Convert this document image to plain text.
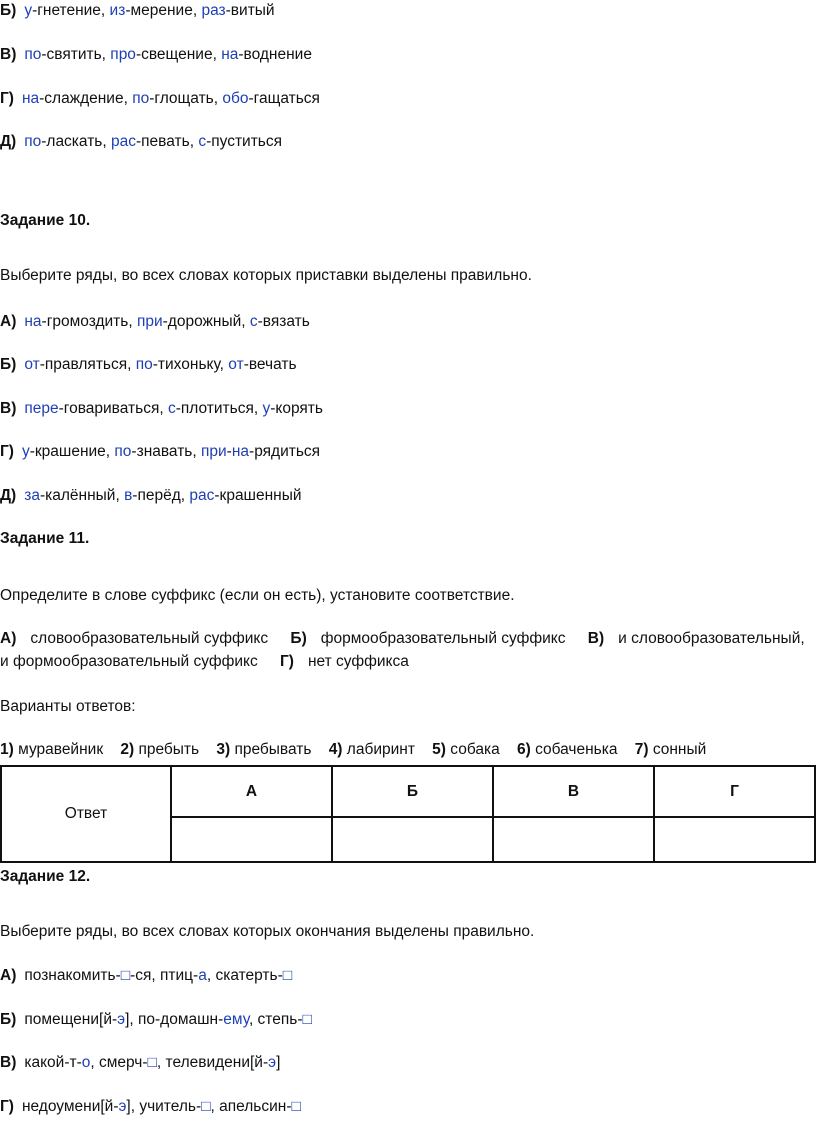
Б) у-гнетение, из-мерение, раз-витый
В) по-святить, про-свещение, на-воднение
Г) на-слаждение, по-глощать, обо-гащаться
Д) по-ласкать, рас-певать, с-пуститься
Задание 10.
Выберите ряды, во всех словах которых приставки выделены правильно.
А) на-громоздить, при-дорожный, с-вязать
Б) от-правляться, по-тихоньку, от-вечать
В) пере-говариваться, с-плотиться, у-корять
Г) у-крашение, по-знавать, при-на-рядиться
Д) за-калённый, в-перёд, рас-крашенный
Задание 11.
Определите в слове суффикс (если он есть), установите соответствие.
А) словообразовательный суффикс Б) формообразовательный суффикс В) и словообразовательный,
и формообразовательный суффикс Г) нет суффикса
Варианты ответов:
1) муравейник 2) пребыть 3) пребывать 4) лабиринт 5) собака 6) собаченька 7) сонный
Ответ	А	Б	В	Г

Задание 12.
Выберите ряды, во всех словах которых окончания выделены правильно.
А) познакомить-□-ся, птиц-а, скатерть-□
Б) помещени[й-э], по-домашн-ему, степь-□
В) какой-т-о, смерч-□, телевидени[й-э]
Г) недоумени[й-э], учитель-□, апельсин-□
